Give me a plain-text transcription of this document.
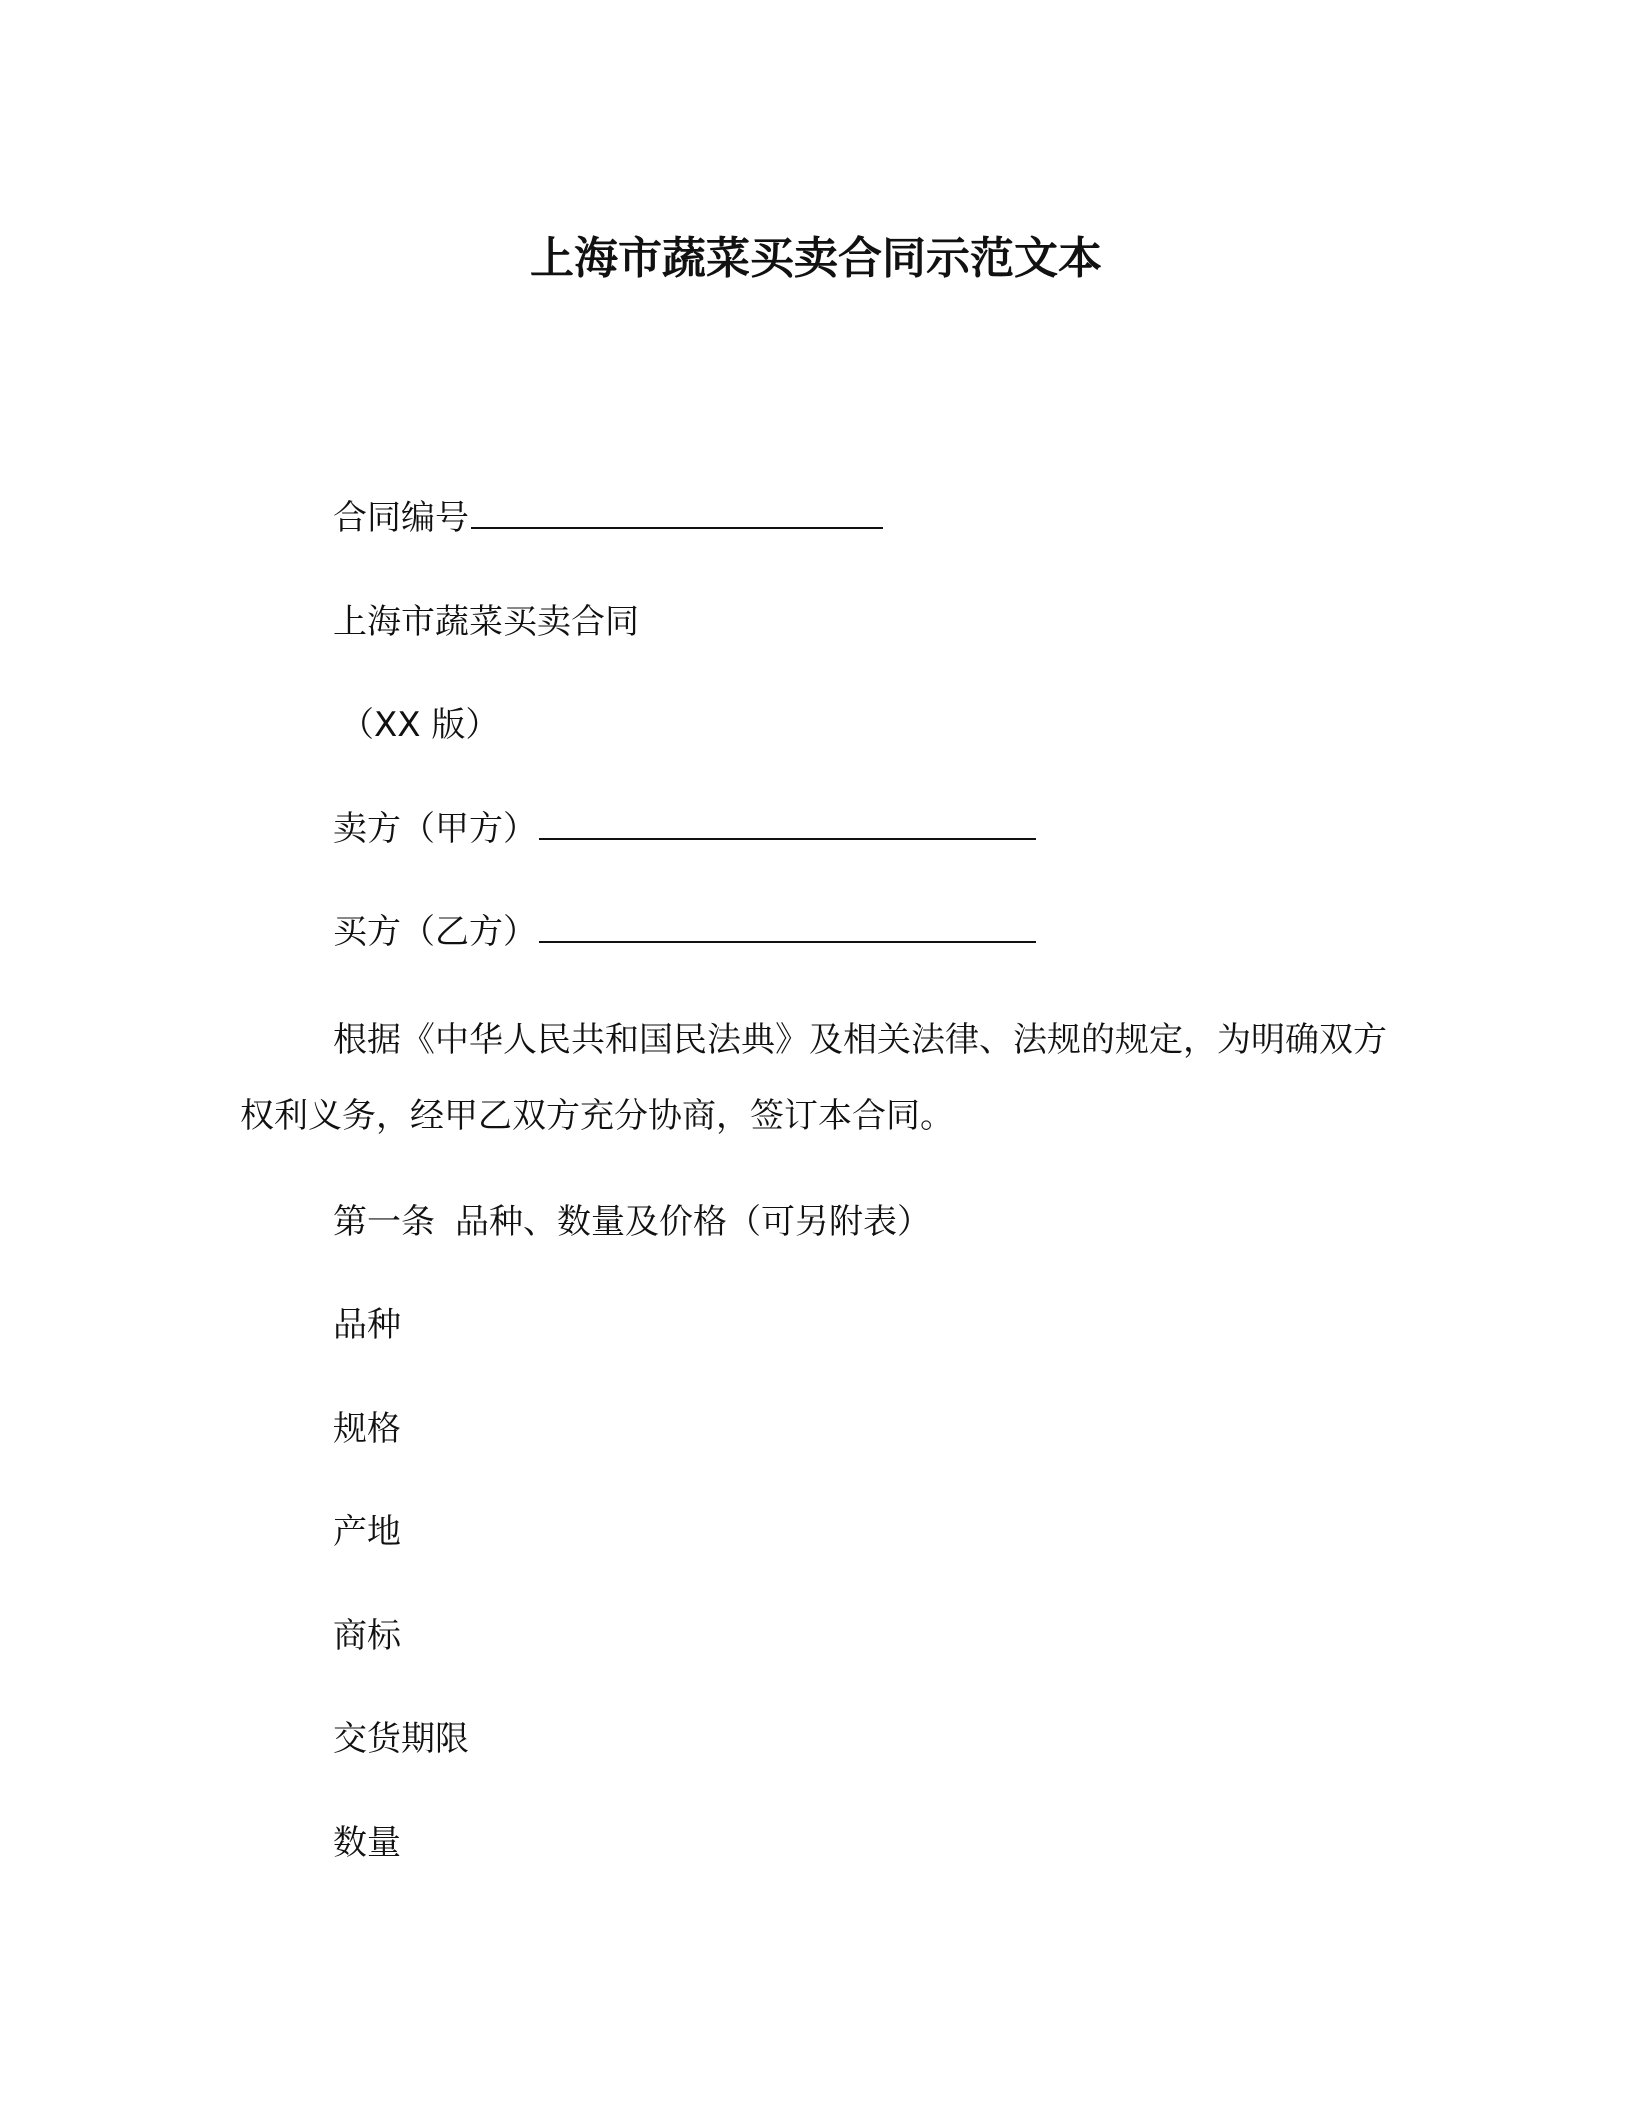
上海市蔬菜买卖合同示范文本
合同编号
上海市蔬菜买卖合同
（XX 版）
卖方（甲方）
买方（乙方）
根据《中华人民共和国民法典》及相关法律、法规的规定，为明确双方权利义务，经甲乙双方充分协商，签订本合同。
第一条 品种、数量及价格（可另附表）
品种
规格
产地
商标
交货期限
数量
